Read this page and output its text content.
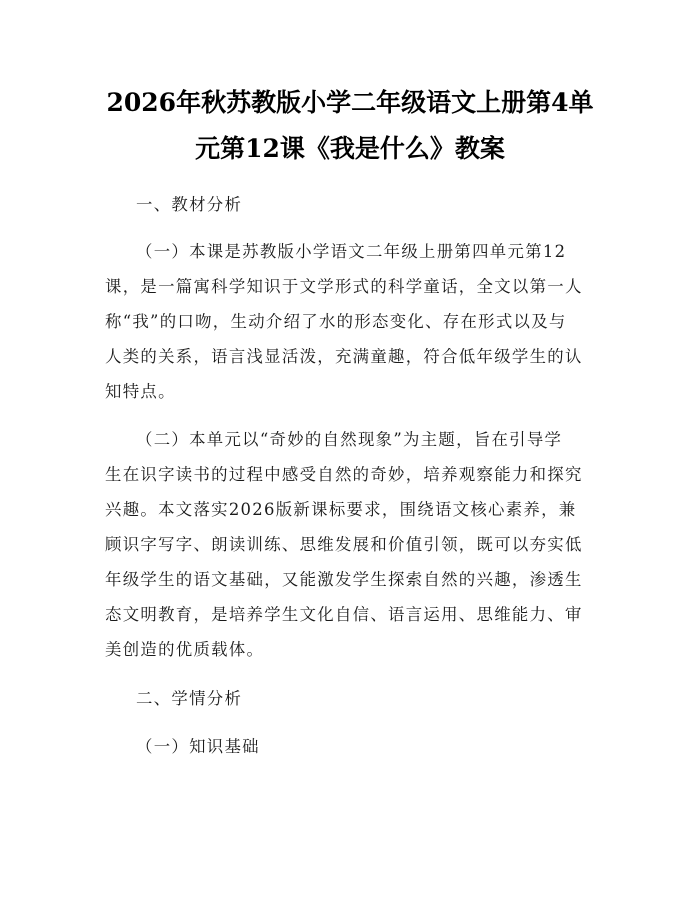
2026年秋苏教版小学二年级语文上册第4单
元第12课《我是什么》教案
一、教材分析
（一）本课是苏教版小学语文二年级上册第四单元第12
课，是一篇寓科学知识于文学形式的科学童话，全文以第一人
称“我”的口吻，生动介绍了水的形态变化、存在形式以及与
人类的关系，语言浅显活泼，充满童趣，符合低年级学生的认
知特点。
（二）本单元以“奇妙的自然现象”为主题，旨在引导学
生在识字读书的过程中感受自然的奇妙，培养观察能力和探究
兴趣。本文落实2026版新课标要求，围绕语文核心素养，兼
顾识字写字、朗读训练、思维发展和价值引领，既可以夯实低
年级学生的语文基础，又能激发学生探索自然的兴趣，渗透生
态文明教育，是培养学生文化自信、语言运用、思维能力、审
美创造的优质载体。
二、学情分析
（一）知识基础
